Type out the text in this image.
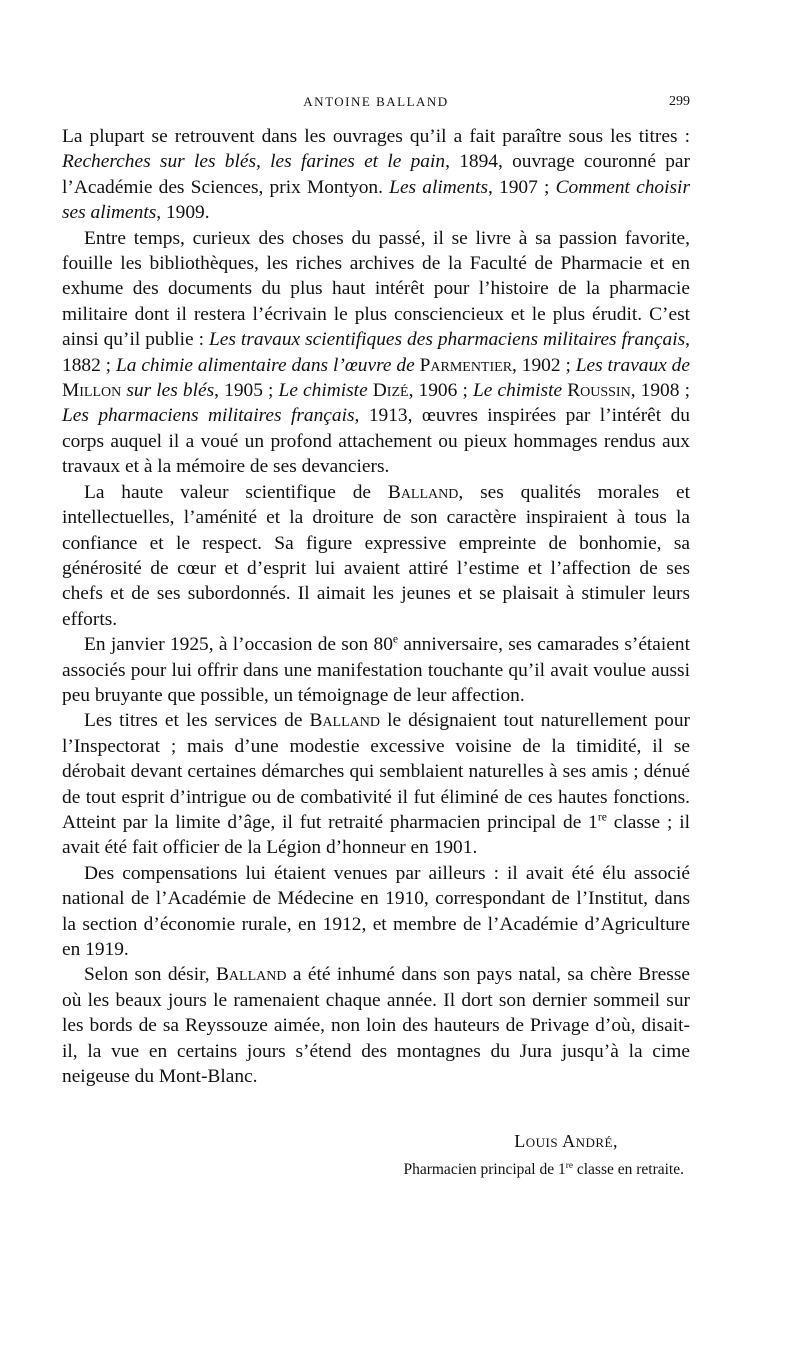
ANTOINE BALLAND	299

La plupart se retrouvent dans les ouvrages qu’il a fait paraître sous les titres : Recherches sur les blés, les farines et le pain, 1894, ouvrage couronné par l’Académie des Sciences, prix Montyon. Les aliments, 1907 ; Comment choisir ses aliments, 1909.

Entre temps, curieux des choses du passé, il se livre à sa passion favorite, fouille les bibliothèques, les riches archives de la Faculté de Pharmacie et en exhume des documents du plus haut intérêt pour l’histoire de la pharmacie militaire dont il restera l’écrivain le plus consciencieux et le plus érudit. C’est ainsi qu’il publie : Les travaux scientifiques des pharmaciens militaires français, 1882 ; La chimie alimentaire dans l’œuvre de Parmentier, 1902 ; Les travaux de Millon sur les blés, 1905 ; Le chimiste Dizé, 1906 ; Le chimiste Roussin, 1908 ; Les pharmaciens militaires français, 1913, œuvres inspirées par l’intérêt du corps auquel il a voué un profond attachement ou pieux hommages rendus aux travaux et à la mémoire de ses devanciers.

La haute valeur scientifique de Balland, ses qualités morales et intellectuelles, l’aménité et la droiture de son caractère inspiraient à tous la confiance et le respect. Sa figure expressive empreinte de bonhomie, sa générosité de cœur et d’esprit lui avaient attiré l’estime et l’affection de ses chefs et de ses subordonnés. Il aimait les jeunes et se plaisait à stimuler leurs efforts.

En janvier 1925, à l’occasion de son 80e anniversaire, ses camarades s’étaient associés pour lui offrir dans une manifestation touchante qu’il avait voulue aussi peu bruyante que possible, un témoignage de leur affection.

Les titres et les services de Balland le désignaient tout naturellement pour l’Inspectorat ; mais d’une modestie excessive voisine de la timidité, il se dérobait devant certaines démarches qui semblaient naturelles à ses amis ; dénué de tout esprit d’intrigue ou de combativité il fut éliminé de ces hautes fonctions. Atteint par la limite d’âge, il fut retraité pharmacien principal de 1re classe ; il avait été fait officier de la Légion d’honneur en 1901.

Des compensations lui étaient venues par ailleurs : il avait été élu associé national de l’Académie de Médecine en 1910, correspondant de l’Institut, dans la section d’économie rurale, en 1912, et membre de l’Académie d’Agriculture en 1919.

Selon son désir, Balland a été inhumé dans son pays natal, sa chère Bresse où les beaux jours le ramenaient chaque année. Il dort son dernier sommeil sur les bords de sa Reyssouze aimée, non loin des hauteurs de Privage d’où, disait-il, la vue en certains jours s’étend des montagnes du Jura jusqu’à la cime neigeuse du Mont-Blanc.

Louis André,
Pharmacien principal de 1re classe en retraite.
